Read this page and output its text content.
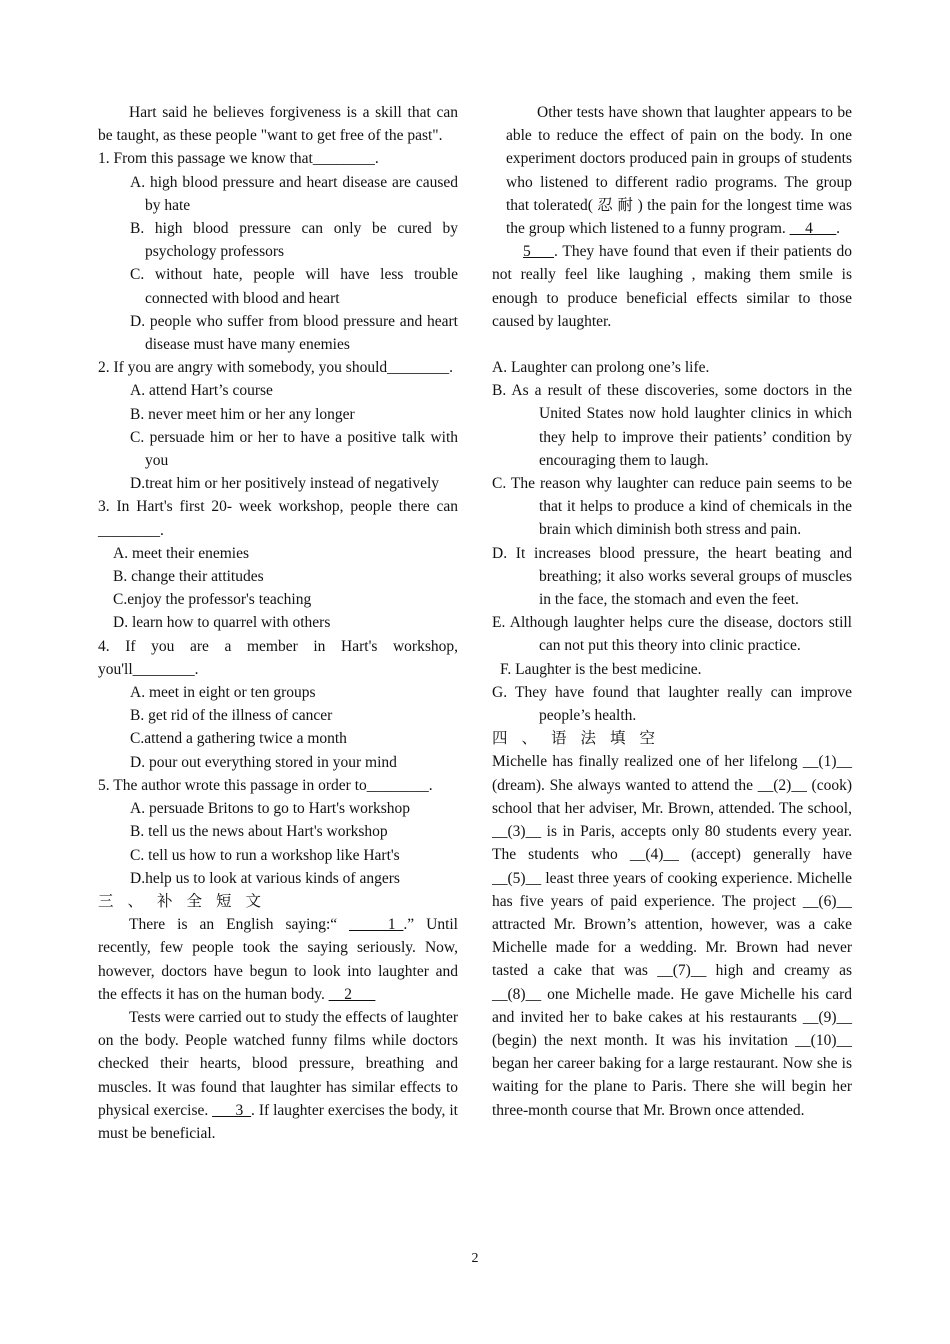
Hart said he believes forgiveness is a skill that can be taught, as these people "want to get free of the past".

1. From this passage we know that________.

A. high blood pressure and heart disease are caused by hate

B. high blood pressure can only be cured by psychology professors

C. without hate, people will have less trouble connected with blood and heart

D. people who suffer from blood pressure and heart disease must have many enemies

2. If you are angry with somebody, you should________.

A. attend Hart’s course

B. never meet him or her any longer

C. persuade him or her to have a positive talk with you

D.treat him or her positively instead of negatively

3. In Hart's first 20- week workshop, people there can ________.

A. meet their enemies

B. change their attitudes

C.enjoy the professor's teaching

D. learn how to quarrel with others

4. If you are a member in Hart's workshop, you'll________.

A. meet in eight or ten groups

B. get rid of the illness of cancer

C.attend a gathering twice a month

D. pour out everything stored in your mind

5. The author wrote this passage in order to________.

A. persuade Britons to go to Hart's workshop

B. tell us the news about Hart's workshop

C. tell us how to run a workshop like Hart's

D.help us to look at various kinds of angers

三、补全短文

There is an English saying:“ _____1_.” Until recently, few people took the saying seriously. Now, however, doctors have begun to look into laughter and the effects it has on the human body. __2___

Tests were carried out to study the effects of laughter on the body. People watched funny films while doctors checked their hearts, blood pressure, breathing and muscles. It was found that laughter has similar effects to physical exercise. ___3_. If laughter exercises the body, it must be beneficial.

Other tests have shown that laughter appears to be able to reduce the effect of pain on the body. In one experiment doctors produced pain in groups of students who listened to different radio programs. The group that tolerated( 忍 耐 ) the pain for the longest time was the group which listened to a funny program. __4___.

5___. They have found that even if their patients do not really feel like laughing , making them smile is enough to produce beneficial effects similar to those caused by laughter.

A. Laughter can prolong one’s life.

B. As a result of these discoveries, some doctors in the United States now hold laughter clinics in which they help to improve their patients’ condition by encouraging them to laugh.

C. The reason why laughter can reduce pain seems to be that it helps to produce a kind of chemicals in the brain which diminish both stress and pain.

D. It increases blood pressure, the heart beating and breathing; it also works several groups of muscles in the face, the stomach and even the feet.

E. Although laughter helps cure the disease, doctors still can not put this theory into clinic practice.

F. Laughter is the best medicine.

G. They have found that laughter really can improve people’s health.

四、语法填空

Michelle has finally realized one of her lifelong __(1)__ (dream). She always wanted to attend the __(2)__ (cook) school that her adviser, Mr. Brown, attended. The school, __(3)__ is in Paris, accepts only 80 students every year. The students who __(4)__ (accept) generally have __(5)__ least three years of cooking experience. Michelle has five years of paid experience. The project __(6)__ attracted Mr. Brown’s attention, however, was a cake Michelle made for a wedding. Mr. Brown had never tasted a cake that was __(7)__ high and creamy as __(8)__ one Michelle made. He gave Michelle his card and invited her to bake cakes at his restaurants __(9)__ (begin) the next month. It was his invitation __(10)__ began her career baking for a large restaurant. Now she is waiting for the plane to Paris. There she will begin her three-month course that Mr. Brown once attended.

2
